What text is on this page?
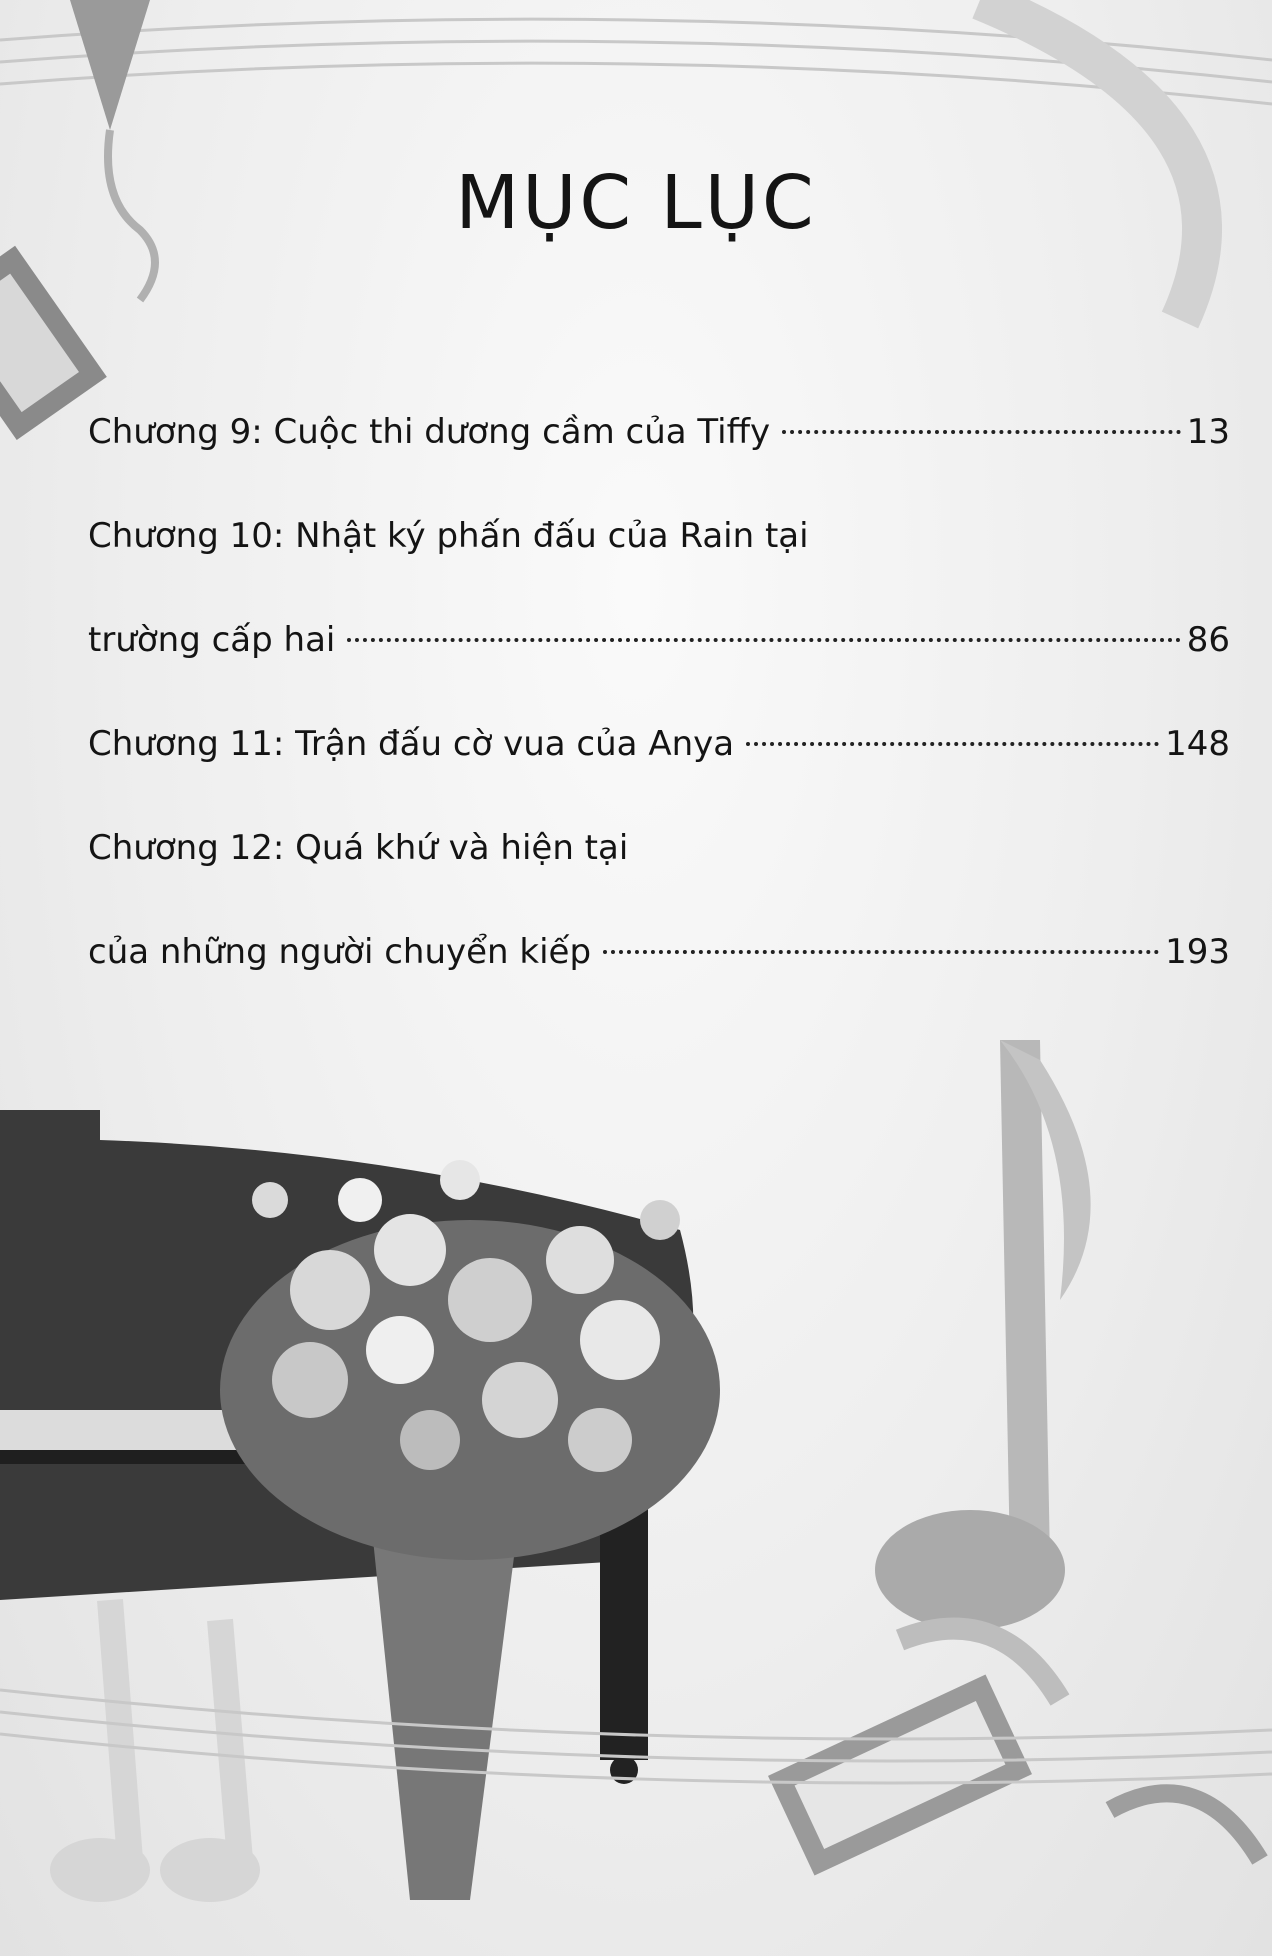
MỤC LỤC
Chương 9: Cuộc thi dương cầm của Tiffy	13
Chương 10: Nhật ký phấn đấu của Rain tại
trường cấp hai	86
Chương 11: Trận đấu cờ vua của Anya	148
Chương 12: Quá khứ và hiện tại
của những người chuyển kiếp	193
